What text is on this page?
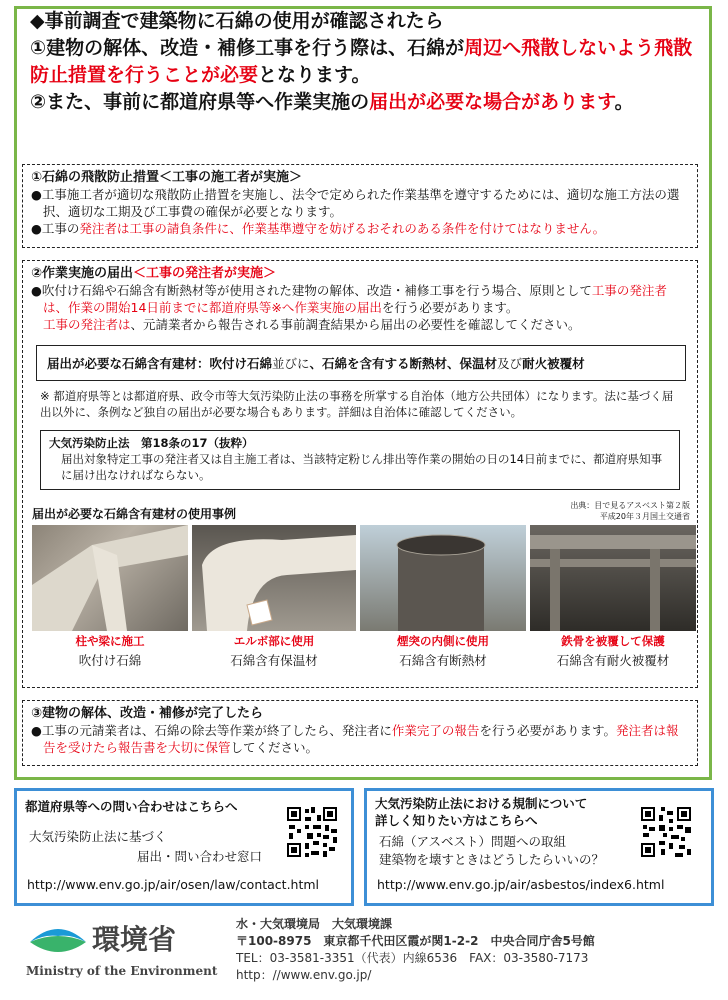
◆事前調査で建築物に石綿の使用が確認されたら

①建物の解体、改造・補修工事を行う際は、石綿が周辺へ飛散しないよう飛散防止措置を行うことが必要となります。

②また、事前に都道府県等へ作業実施の届出が必要な場合があります。

①石綿の飛散防止措置＜工事の施工者が実施＞

●工事施工者が適切な飛散防止措置を実施し、法令で定められた作業基準を遵守するためには、適切な施工方法の選択、適切な工期及び工事費の確保が必要となります。

●工事の発注者は工事の請負条件に、作業基準遵守を妨げるおそれのある条件を付けてはなりません。

②作業実施の届出＜工事の発注者が実施＞

●吹付け石綿や石綿含有断熱材等が使用された建物の解体、改造・補修工事を行う場合、原則として工事の発注者は、作業の開始14日前までに都道府県等※へ作業実施の届出を行う必要があります。
工事の発注者は、元請業者から報告される事前調査結果から届出の必要性を確認してください。

届出が必要な石綿含有建材：吹付け石綿並びに、石綿を含有する断熱材、保温材及び耐火被覆材

※ 都道府県等とは都道府県、政令市等大気汚染防止法の事務を所掌する自治体（地方公共団体）になります。法に基づく届出以外に、条例など独自の届出が必要な場合もあります。詳細は自治体に確認してください。

大気汚染防止法　第18条の17（抜粋）
届出対象特定工事の発注者又は自主施工者は、当該特定粉じん排出等作業の開始の日の14日前までに、都道府県知事に届け出なければならない。
届出が必要な石綿含有建材の使用事例
出典：目で見るアスベスト第２版
平成20年３月国土交通省
柱や梁に施工
吹付け石綿
エルボ部に使用
石綿含有保温材
煙突の内側に使用
石綿含有断熱材
鉄骨を被覆して保護
石綿含有耐火被覆材
③建物の解体、改造・補修が完了したら

●工事の元請業者は、石綿の除去等作業が終了したら、発注者に作業完了の報告を行う必要があります。発注者は報告を受けたら報告書を大切に保管してください。

都道府県等への問い合わせはこちらへ
大気汚染防止法に基づく
届出・問い合わせ窓口
http://www.env.go.jp/air/osen/law/contact.html
大気汚染防止法における規制について
詳しく知りたい方はこちらへ
石綿（アスベスト）問題への取組
建築物を壊すときはどうしたらいいの？
http://www.env.go.jp/air/asbestos/index6.html
環境省
Ministry of the Environment
水・大気環境局　大気環境課
〒100-8975　東京都千代田区霞が関1-2-2　中央合同庁舎5号館
TEL：03-3581-3351（代表）内線6536　FAX：03-3580-7173
http：//www.env.go.jp/
